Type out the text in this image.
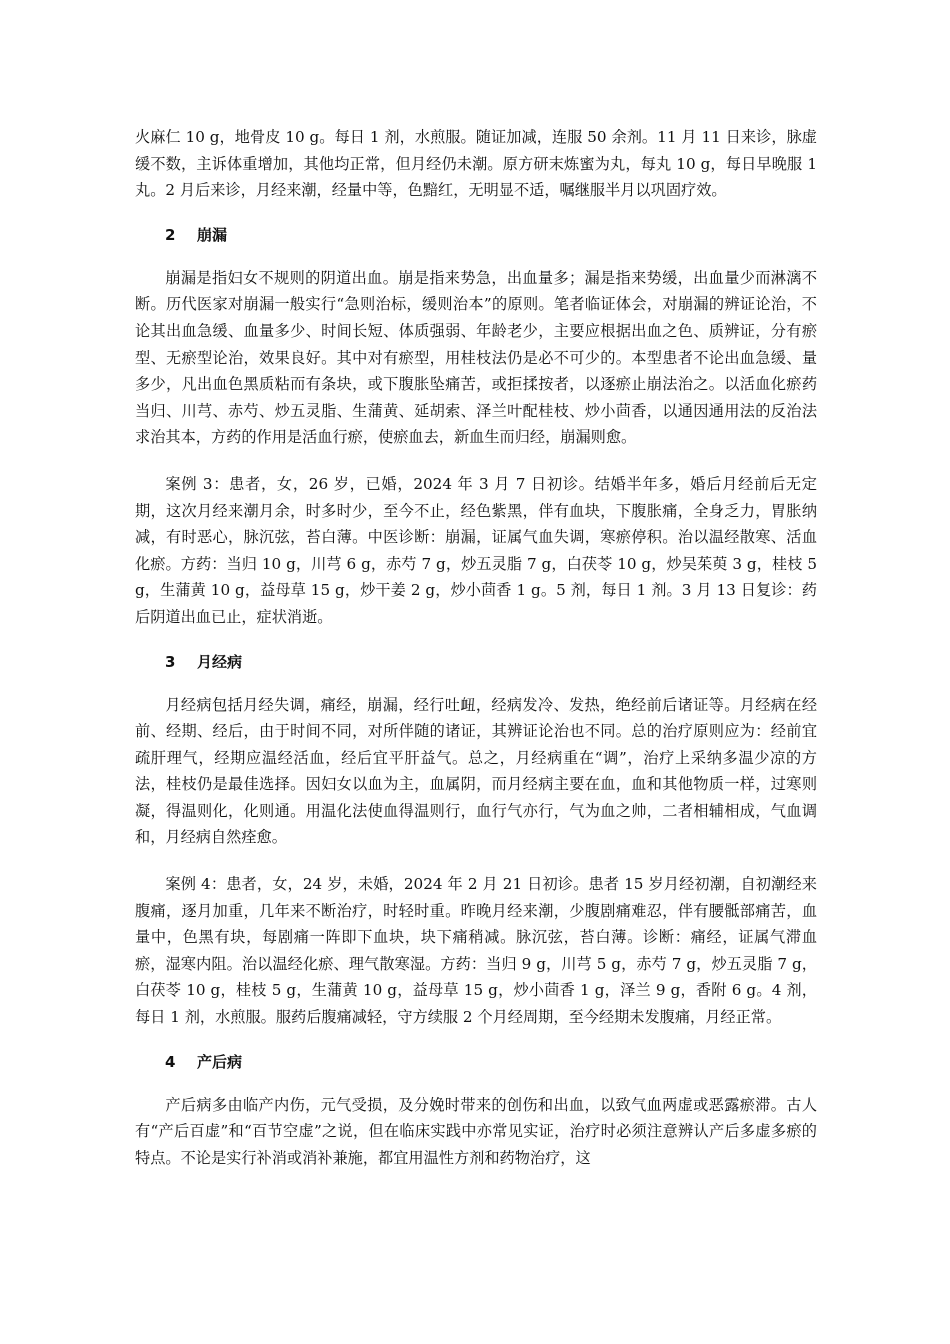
火麻仁 10 g，地骨皮 10 g。每日 1 剂，水煎服。随证加减，连服 50 余剂。11 月 11 日来诊，脉虚缓不数，主诉体重增加，其他均正常，但月经仍未潮。原方研末炼蜜为丸，每丸 10 g，每日早晚服 1 丸。2 月后来诊，月经来潮，经量中等，色黯红，无明显不适，嘱继服半月以巩固疗效。

2 崩漏

崩漏是指妇女不规则的阴道出血。崩是指来势急，出血量多；漏是指来势缓，出血量少而淋漓不断。历代医家对崩漏一般实行“急则治标，缓则治本”的原则。笔者临证体会，对崩漏的辨证论治，不论其出血急缓、血量多少、时间长短、体质强弱、年龄老少，主要应根据出血之色、质辨证，分有瘀型、无瘀型论治，效果良好。其中对有瘀型，用桂枝法仍是必不可少的。本型患者不论出血急缓、量多少，凡出血色黑质粘而有条块，或下腹胀坠痛苦，或拒揉按者，以逐瘀止崩法治之。以活血化瘀药当归、川芎、赤芍、炒五灵脂、生蒲黄、延胡索、泽兰叶配桂枝、炒小茴香，以通因通用法的反治法求治其本，方药的作用是活血行瘀，使瘀血去，新血生而归经，崩漏则愈。

案例 3：患者，女，26 岁，已婚，2024 年 3 月 7 日初诊。结婚半年多，婚后月经前后无定期，这次月经来潮月余，时多时少，至今不止，经色紫黑，伴有血块，下腹胀痛，全身乏力，胃胀纳减，有时恶心，脉沉弦，苔白薄。中医诊断：崩漏，证属气血失调，寒瘀停积。治以温经散寒、活血化瘀。方药：当归 10 g，川芎 6 g，赤芍 7 g，炒五灵脂 7 g，白茯苓 10 g，炒吴茱萸 3 g，桂枝 5 g，生蒲黄 10 g，益母草 15 g，炒干姜 2 g，炒小茴香 1 g。5 剂，每日 1 剂。3 月 13 日复诊：药后阴道出血已止，症状消逝。

3 月经病

月经病包括月经失调，痛经，崩漏，经行吐衄，经病发冷、发热，绝经前后诸证等。月经病在经前、经期、经后，由于时间不同，对所伴随的诸证，其辨证论治也不同。总的治疗原则应为：经前宜疏肝理气，经期应温经活血，经后宜平肝益气。总之，月经病重在“调”，治疗上采纳多温少凉的方法，桂枝仍是最佳选择。因妇女以血为主，血属阴，而月经病主要在血，血和其他物质一样，过寒则凝，得温则化，化则通。用温化法使血得温则行，血行气亦行，气为血之帅，二者相辅相成，气血调和，月经病自然痊愈。

案例 4：患者，女，24 岁，未婚，2024 年 2 月 21 日初诊。患者 15 岁月经初潮，自初潮经来腹痛，逐月加重，几年来不断治疗，时轻时重。昨晚月经来潮，少腹剧痛难忍，伴有腰骶部痛苦，血量中，色黑有块，每剧痛一阵即下血块，块下痛稍减。脉沉弦，苔白薄。诊断：痛经，证属气滞血瘀，湿寒内阻。治以温经化瘀、理气散寒湿。方药：当归 9 g，川芎 5 g，赤芍 7 g，炒五灵脂 7 g，白茯苓 10 g，桂枝 5 g，生蒲黄 10 g，益母草 15 g，炒小茴香 1 g，泽兰 9 g，香附 6 g。4 剂，每日 1 剂，水煎服。服药后腹痛减轻，守方续服 2 个月经周期，至今经期未发腹痛，月经正常。

4 产后病

产后病多由临产内伤，元气受损，及分娩时带来的创伤和出血，以致气血两虚或恶露瘀滞。古人有“产后百虚”和“百节空虚”之说，但在临床实践中亦常见实证，治疗时必须注意辨认产后多虚多瘀的特点。不论是实行补消或消补兼施，都宜用温性方剂和药物治疗，这
